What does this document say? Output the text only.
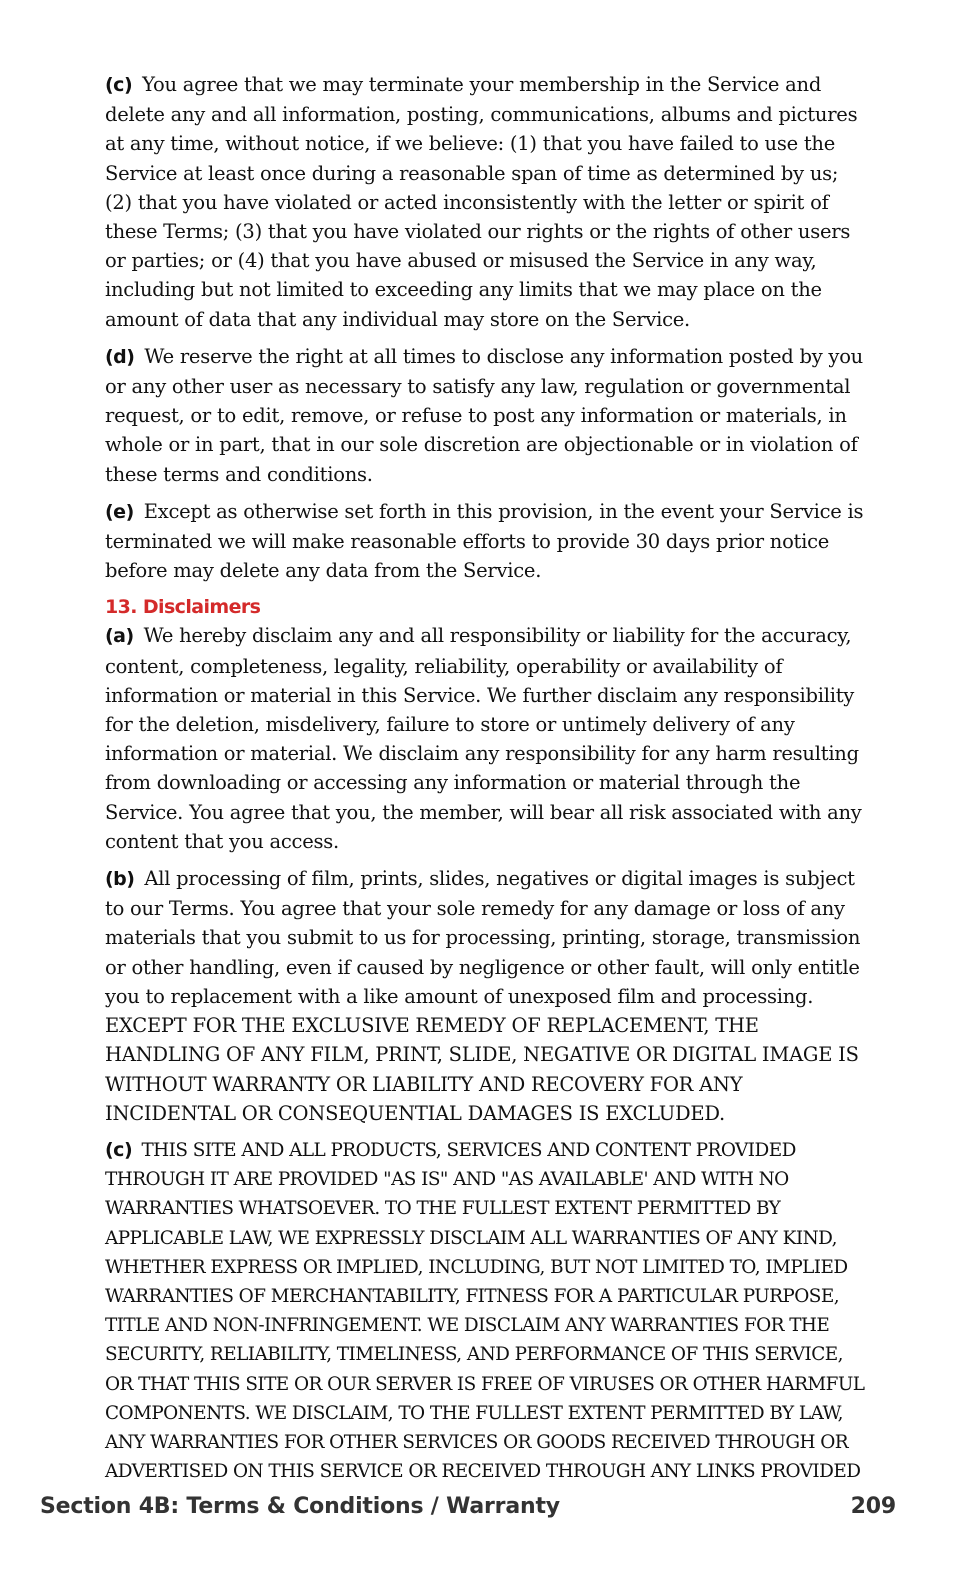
(c) You agree that we may terminate your membership in the Service and delete any and all information, posting, communications, albums and pictures at any time, without notice, if we believe: (1) that you have failed to use the Service at least once during a reasonable span of time as determined by us; (2) that you have violated or acted inconsistently with the letter or spirit of these Terms; (3) that you have violated our rights or the rights of other users or parties; or (4) that you have abused or misused the Service in any way, including but not limited to exceeding any limits that we may place on the amount of data that any individual may store on the Service.

(d) We reserve the right at all times to disclose any information posted by you or any other user as necessary to satisfy any law, regulation or governmental request, or to edit, remove, or refuse to post any information or materials, in whole or in part, that in our sole discretion are objectionable or in violation of these terms and conditions.

(e) Except as otherwise set forth in this provision, in the event your Service is terminated we will make reasonable efforts to provide 30 days prior notice before may delete any data from the Service.

13. Disclaimers

(a) We hereby disclaim any and all responsibility or liability for the accuracy, content, completeness, legality, reliability, operability or availability of information or material in this Service. We further disclaim any responsibility for the deletion, misdelivery, failure to store or untimely delivery of any information or material. We disclaim any responsibility for any harm resulting from downloading or accessing any information or material through the Service. You agree that you, the member, will bear all risk associated with any content that you access.

(b) All processing of film, prints, slides, negatives or digital images is subject to our Terms. You agree that your sole remedy for any damage or loss of any materials that you submit to us for processing, printing, storage, transmission or other handling, even if caused by negligence or other fault, will only entitle you to replacement with a like amount of unexposed film and processing. EXCEPT FOR THE EXCLUSIVE REMEDY OF REPLACEMENT, THE HANDLING OF ANY FILM, PRINT, SLIDE, NEGATIVE OR DIGITAL IMAGE IS WITHOUT WARRANTY OR LIABILITY AND RECOVERY FOR ANY INCIDENTAL OR CONSEQUENTIAL DAMAGES IS EXCLUDED.

(c) THIS SITE AND ALL PRODUCTS, SERVICES AND CONTENT PROVIDED THROUGH IT ARE PROVIDED "AS IS" AND "AS AVAILABLE' AND WITH NO WARRANTIES WHATSOEVER. TO THE FULLEST EXTENT PERMITTED BY APPLICABLE LAW, WE EXPRESSLY DISCLAIM ALL WARRANTIES OF ANY KIND, WHETHER EXPRESS OR IMPLIED, INCLUDING, BUT NOT LIMITED TO, IMPLIED WARRANTIES OF MERCHANTABILITY, FITNESS FOR A PARTICULAR PURPOSE, TITLE AND NON-INFRINGEMENT. WE DISCLAIM ANY WARRANTIES FOR THE SECURITY, RELIABILITY, TIMELINESS, AND PERFORMANCE OF THIS SERVICE, OR THAT THIS SITE OR OUR SERVER IS FREE OF VIRUSES OR OTHER HARMFUL COMPONENTS. WE DISCLAIM, TO THE FULLEST EXTENT PERMITTED BY LAW, ANY WARRANTIES FOR OTHER SERVICES OR GOODS RECEIVED THROUGH OR ADVERTISED ON THIS SERVICE OR RECEIVED THROUGH ANY LINKS PROVIDED

Section 4B: Terms & Conditions / Warranty	209
